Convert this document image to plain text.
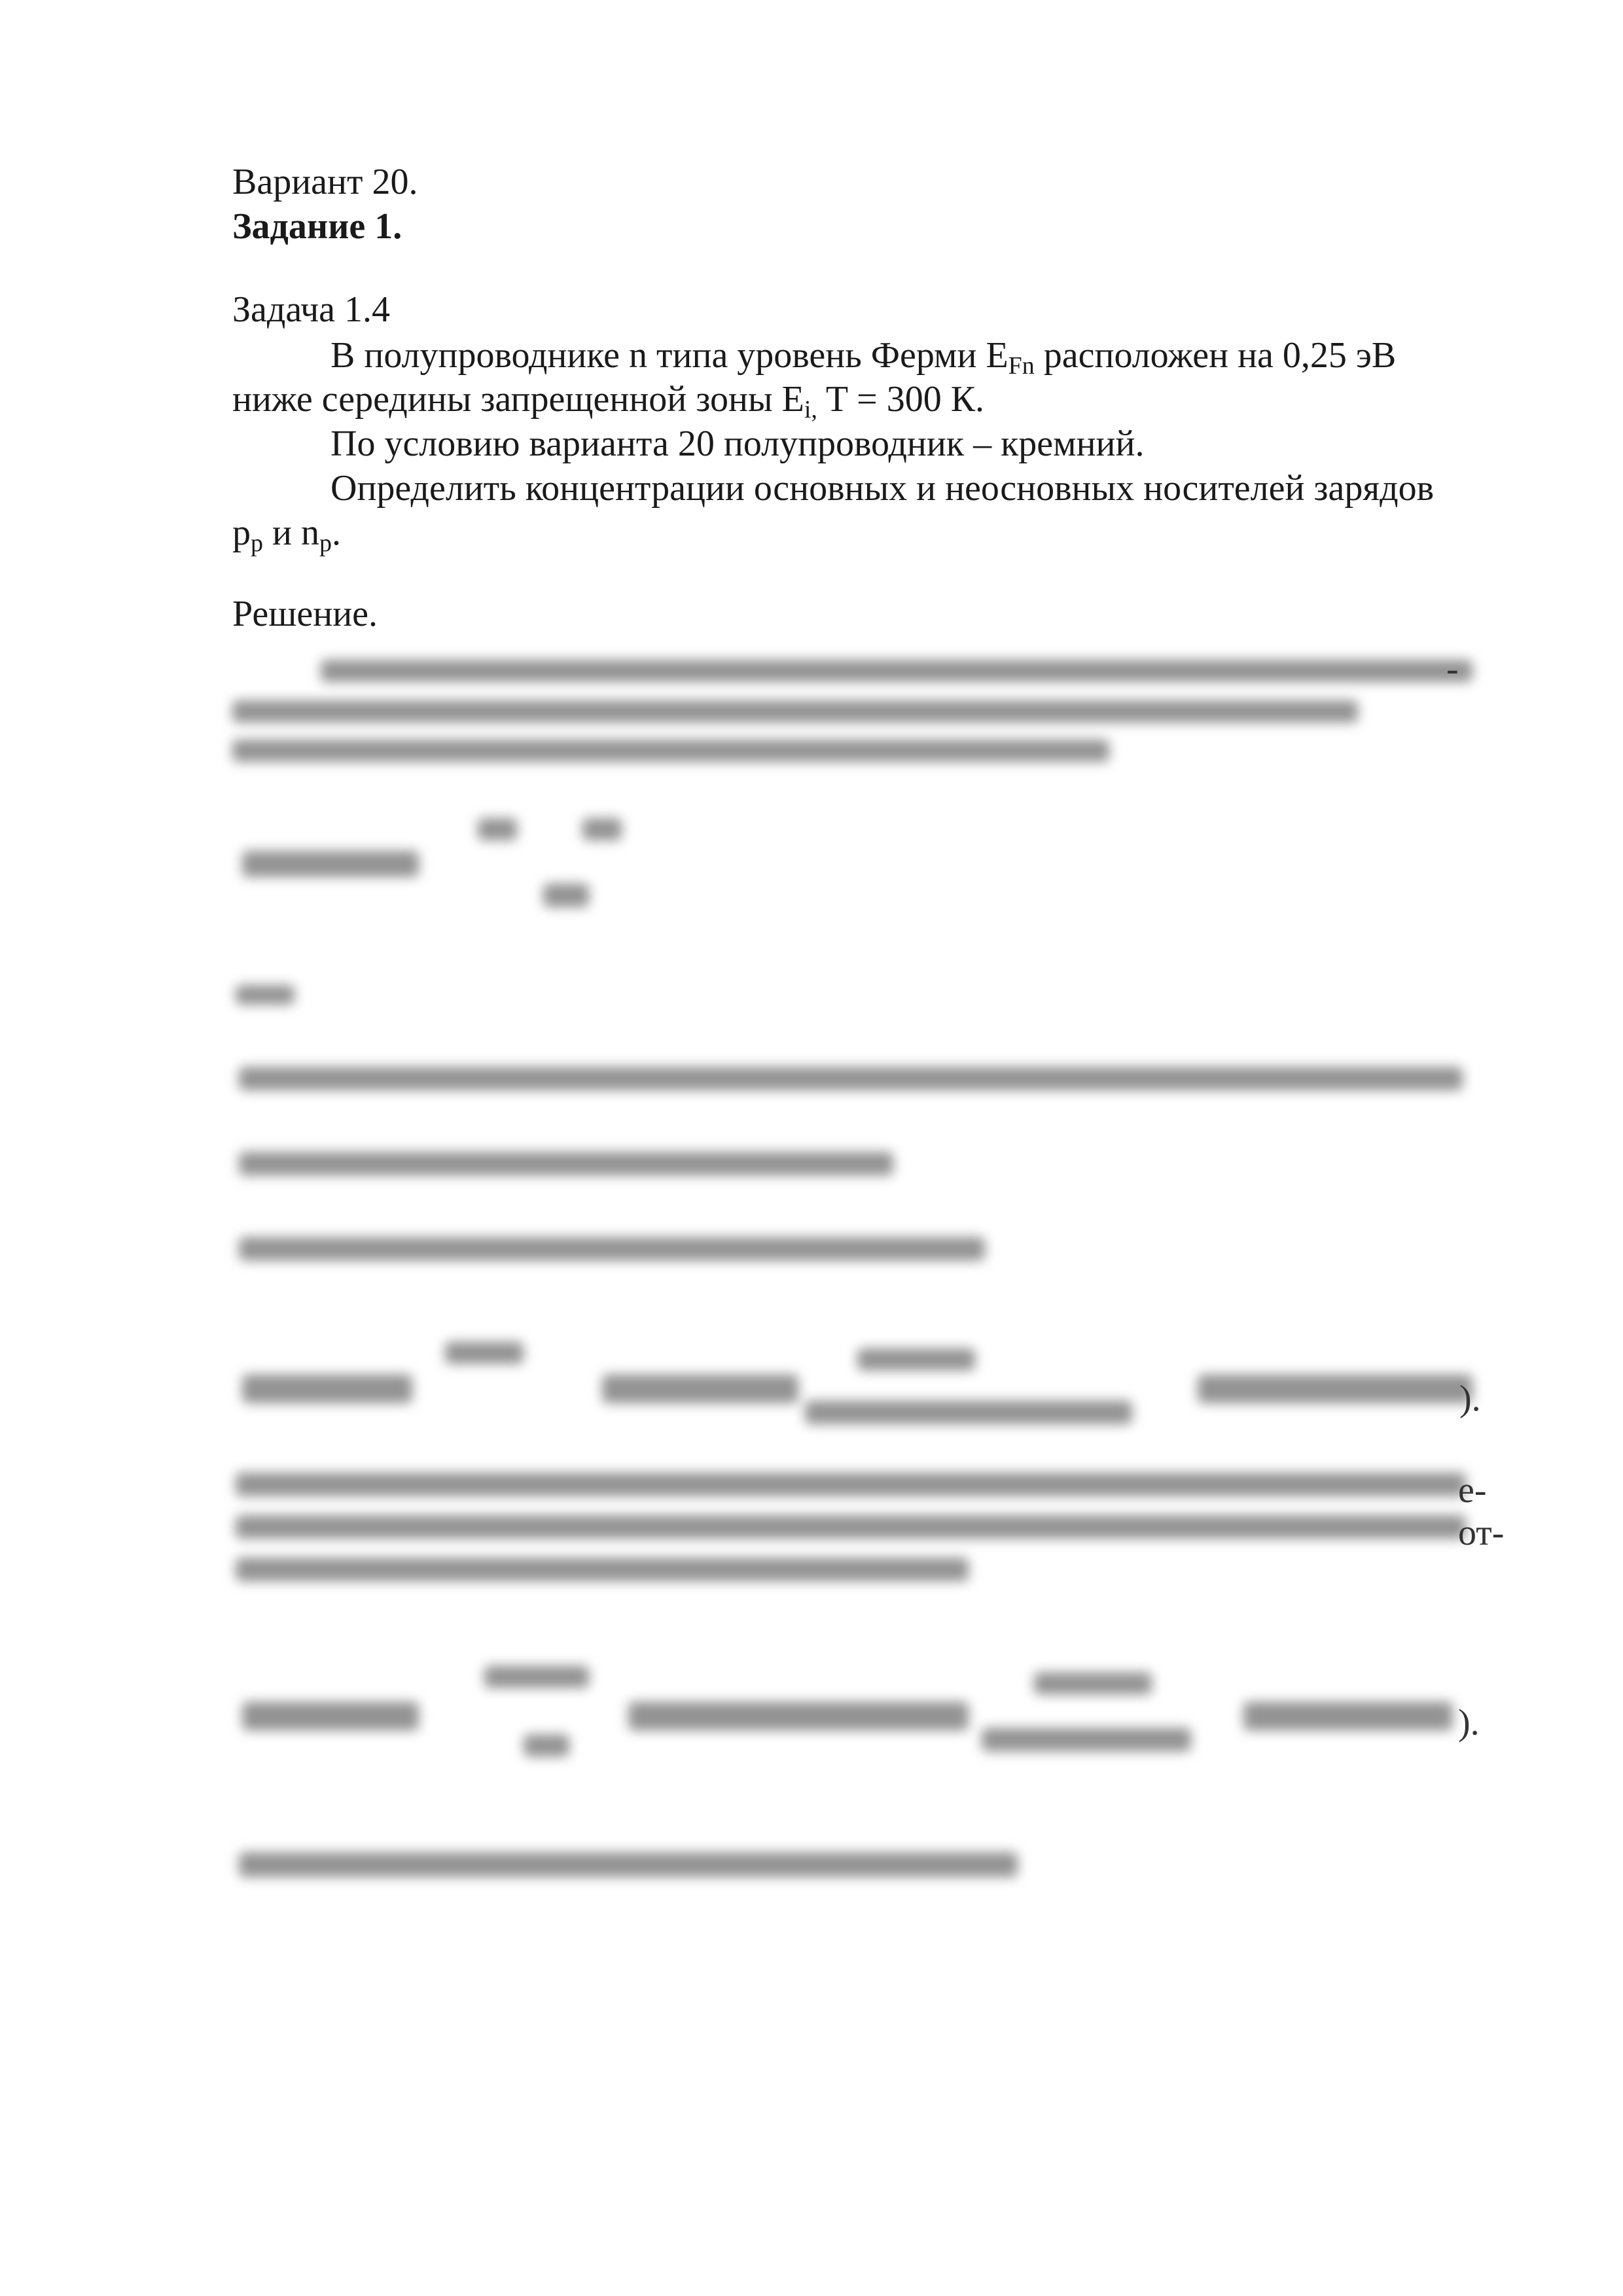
Вариант 20.
Задание 1.
Задача 1.4
В полупроводнике n типа уровень Ферми $E_{Fn}$ расположен на 0,25 эВ
ниже середины запрещенной зоны $E_{i,}$ T = 300 К.
По условию варианта 20 полупроводник – кремний.
Определить концентрации основных и неосновных носителей зарядов
$p_p$ и $n_p$.
Решение.
-
).
е-
от-
).
